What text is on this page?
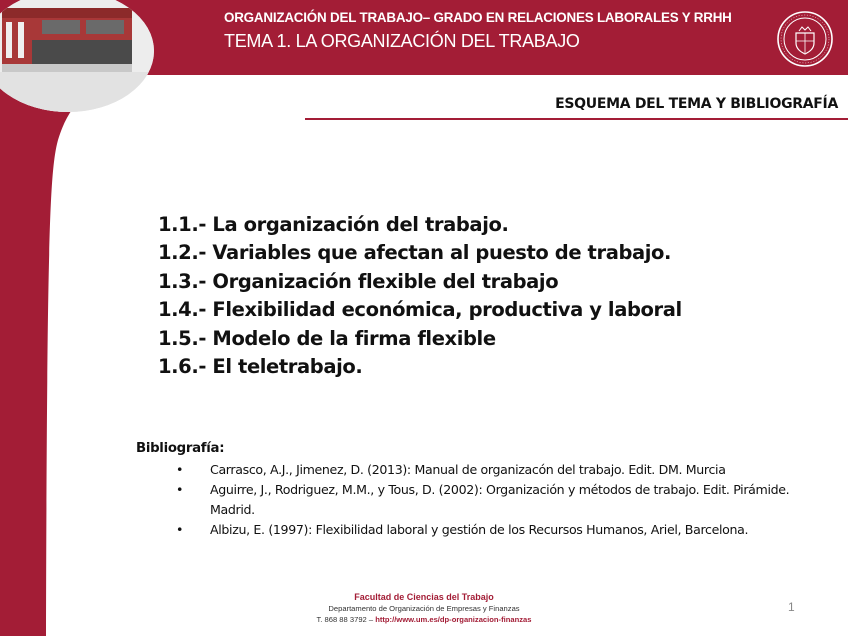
ORGANIZACIÓN DEL TRABAJO– GRADO EN RELACIONES LABORALES Y RRHH
TEMA 1. LA ORGANIZACIÓN DEL TRABAJO
ESQUEMA DEL TEMA Y BIBLIOGRAFÍA
1.1.- La organización del trabajo.
1.2.- Variables que afectan al puesto de trabajo.
1.3.- Organización flexible del trabajo
1.4.- Flexibilidad económica, productiva y laboral
1.5.- Modelo de la firma flexible
1.6.- El teletrabajo.
Bibliografía:
• Carrasco, A.J., Jimenez, D. (2013): Manual de organizacón del trabajo. Edit. DM. Murcia
• Aguirre, J., Rodriguez, M.M., y Tous, D. (2002): Organización y métodos de trabajo. Edit. Pirámide. Madrid.
• Albizu, E. (1997): Flexibilidad laboral y gestión de los Recursos Humanos, Ariel, Barcelona.
Facultad de Ciencias del Trabajo
Departamento de Organización de Empresas y Finanzas
T. 868 88 3792 – http://www.um.es/dp-organizacion-finanzas
1
